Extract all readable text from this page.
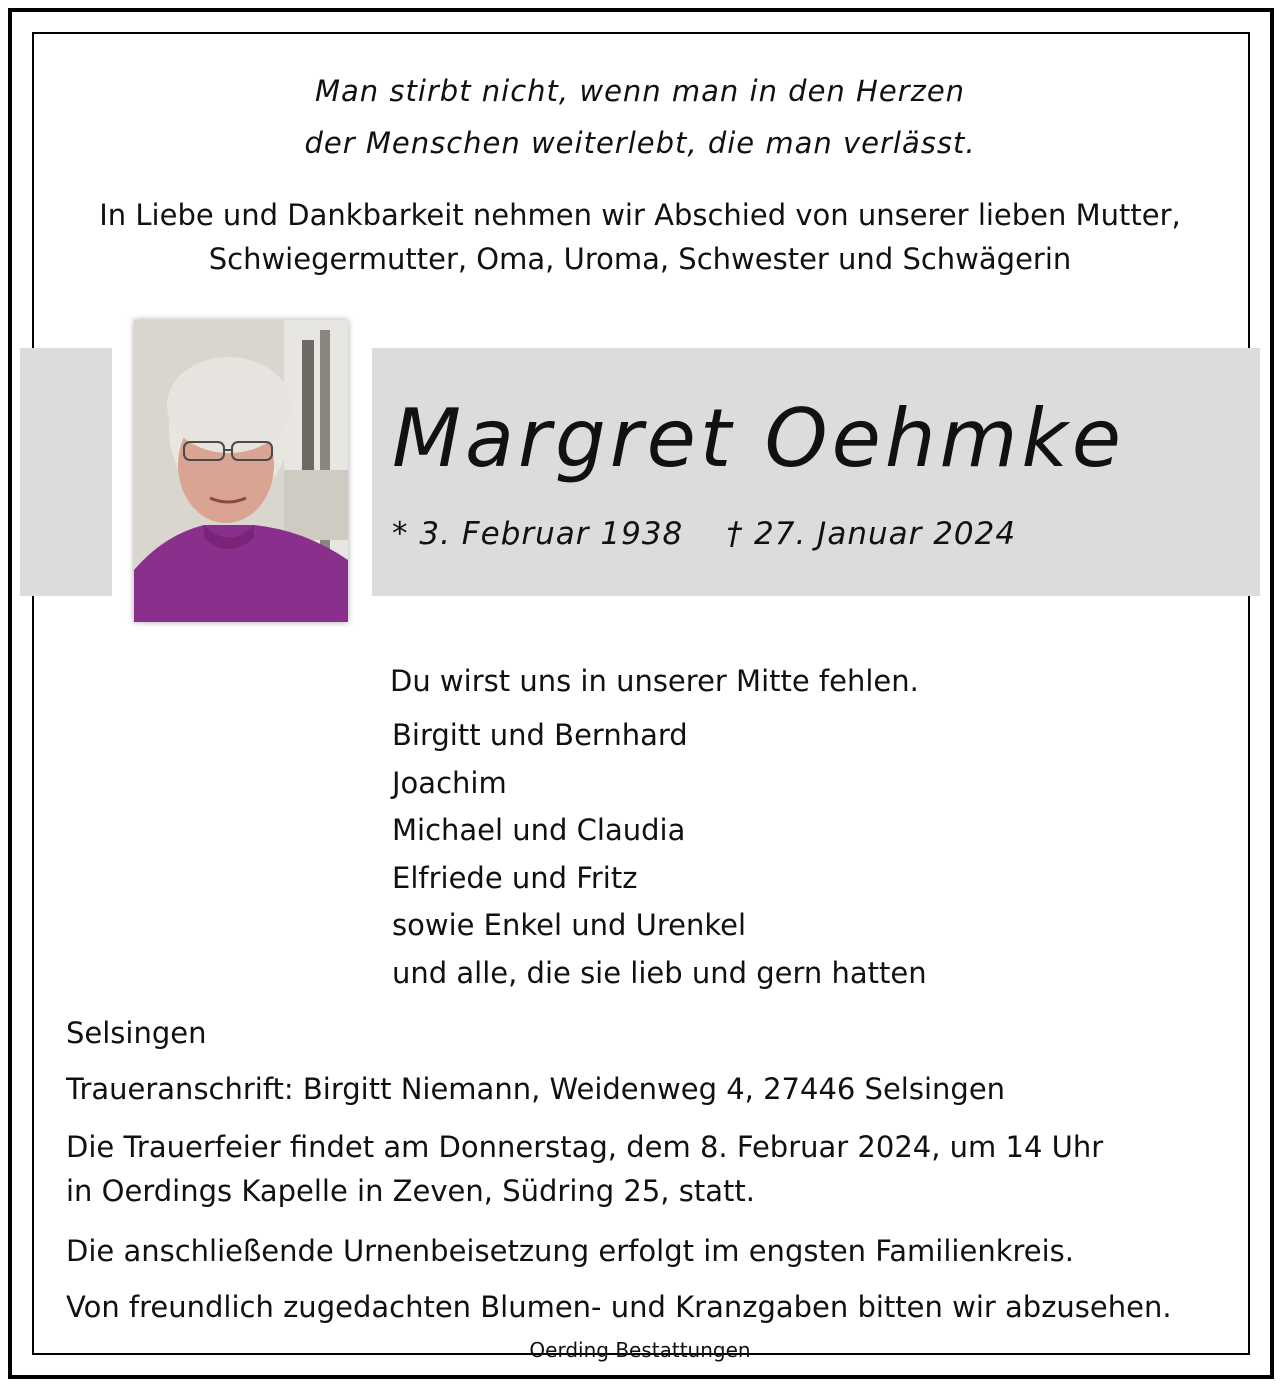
Man stirbt nicht, wenn man in den Herzen
der Menschen weiterlebt, die man verlässt.
In Liebe und Dankbarkeit nehmen wir Abschied von unserer lieben Mutter,
Schwiegermutter, Oma, Uroma, Schwester und Schwägerin
Margret Oehmke
* 3. Februar 1938 † 27. Januar 2024
Du wirst uns in unserer Mitte fehlen.
Birgitt und Bernhard
Joachim
Michael und Claudia
Elfriede und Fritz
sowie Enkel und Urenkel
und alle, die sie lieb und gern hatten
Selsingen
Traueranschrift: Birgitt Niemann, Weidenweg 4, 27446 Selsingen
Die Trauerfeier findet am Donnerstag, dem 8. Februar 2024, um 14 Uhr
in Oerdings Kapelle in Zeven, Südring 25, statt.
Die anschließende Urnenbeisetzung erfolgt im engsten Familienkreis.
Von freundlich zugedachten Blumen- und Kranzgaben bitten wir abzusehen.
Oerding Bestattungen
